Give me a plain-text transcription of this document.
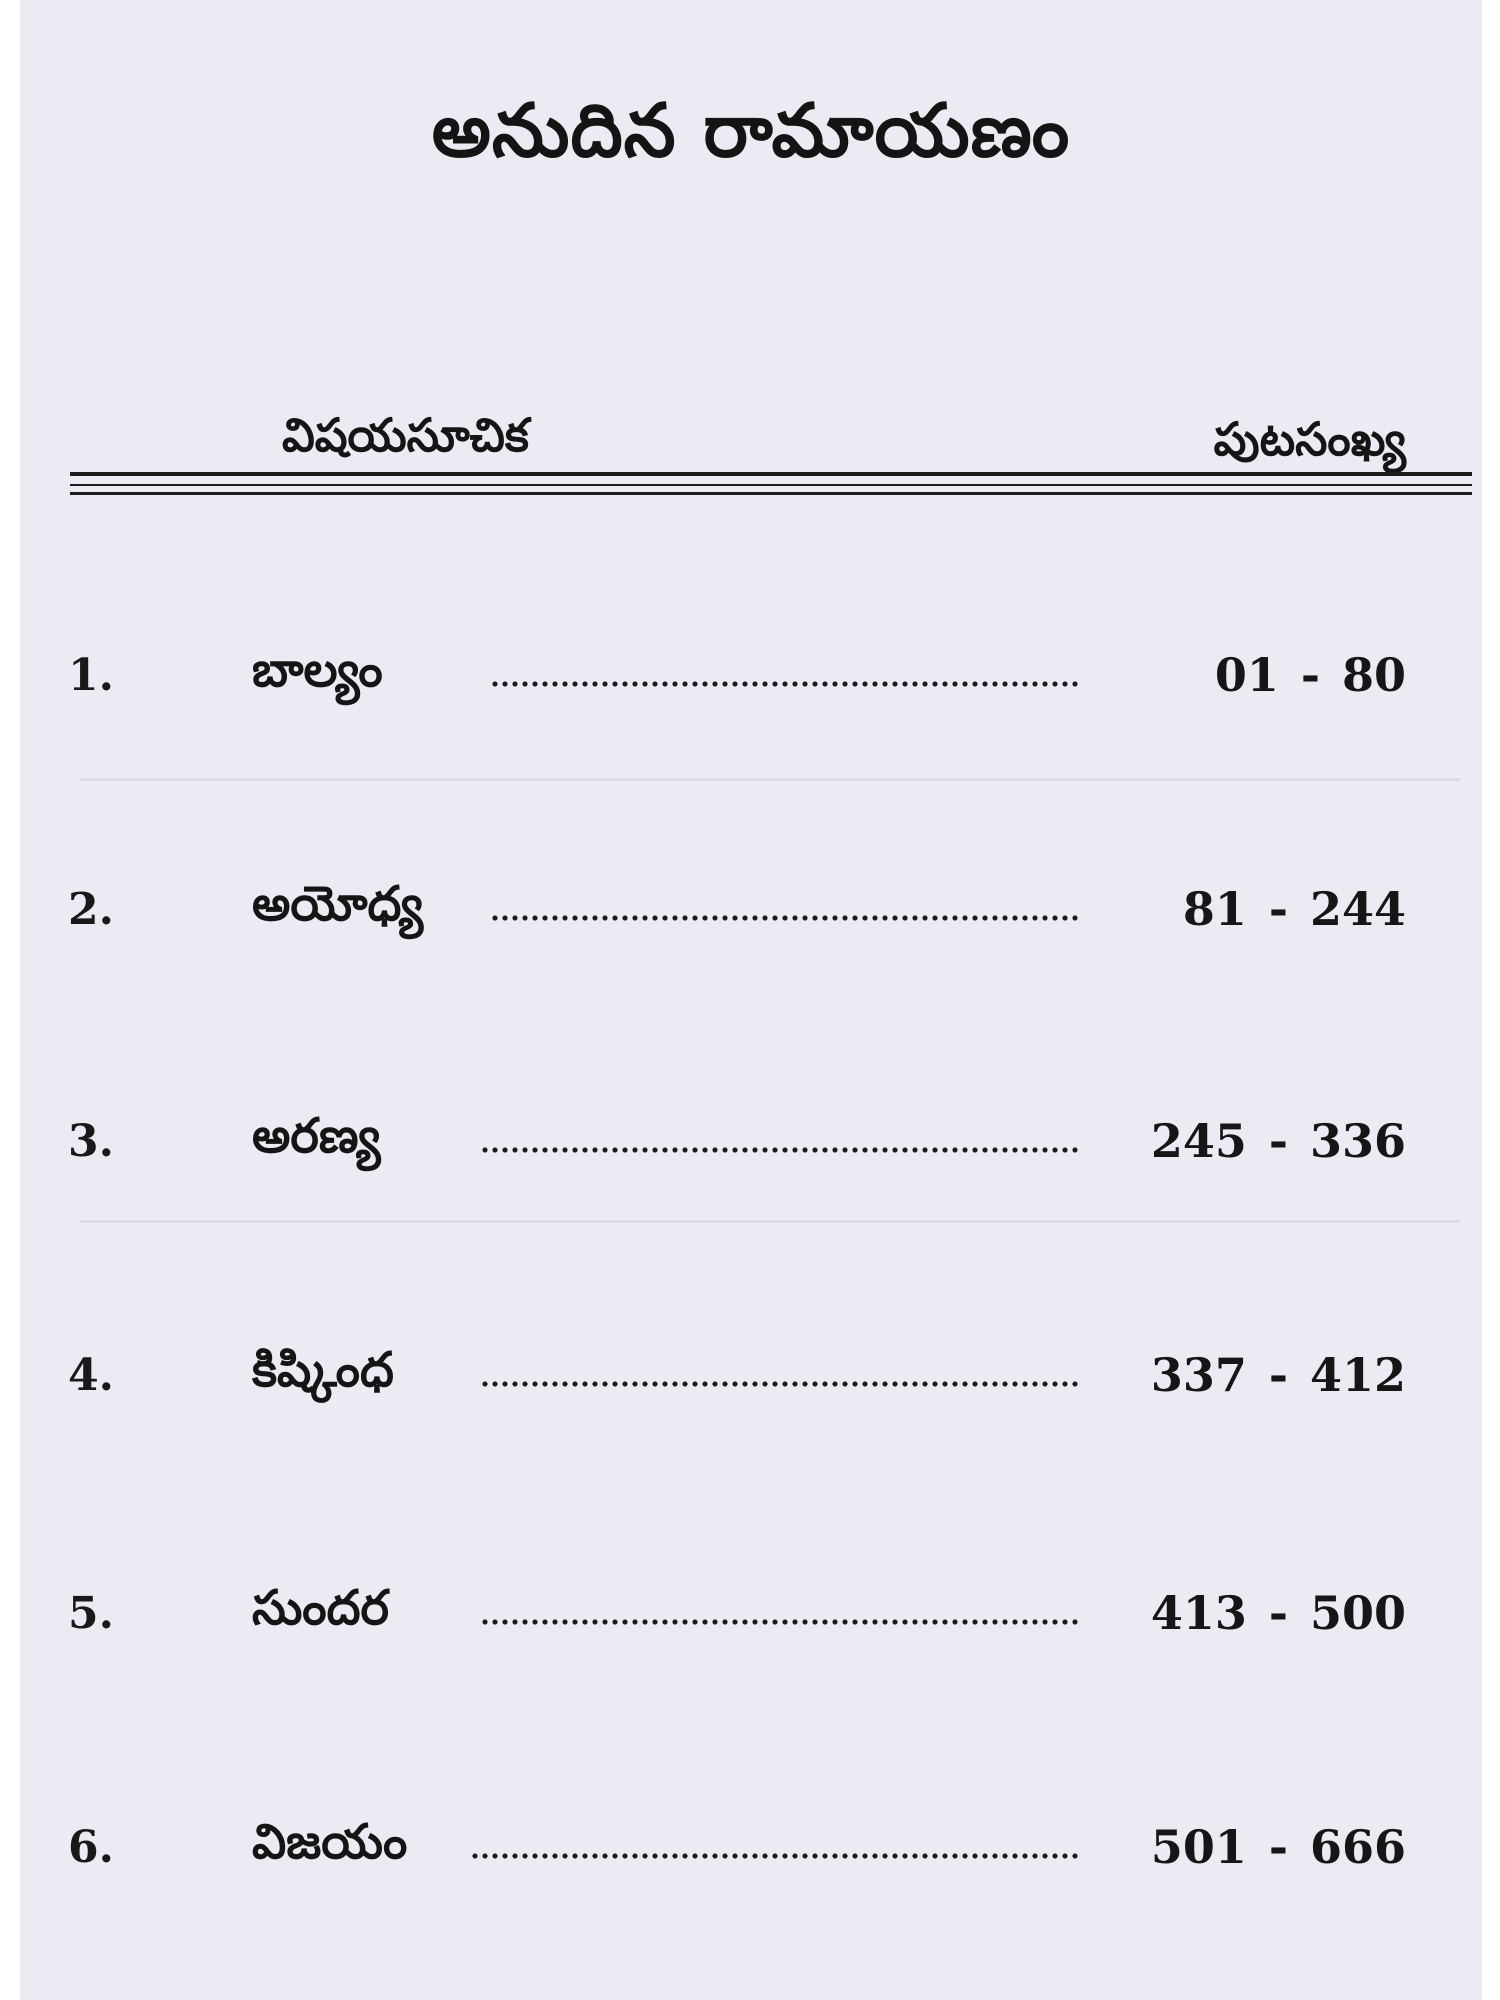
అనుదిన రామాయణం
విషయసూచిక	పుటసంఖ్య
1.	బాల్యం	01 - 80
2.	అయోధ్య	81 - 244
3.	అరణ్య	245 - 336
4.	కిష్కింధ	337 - 412
5.	సుందర	413 - 500
6.	విజయం	501 - 666
